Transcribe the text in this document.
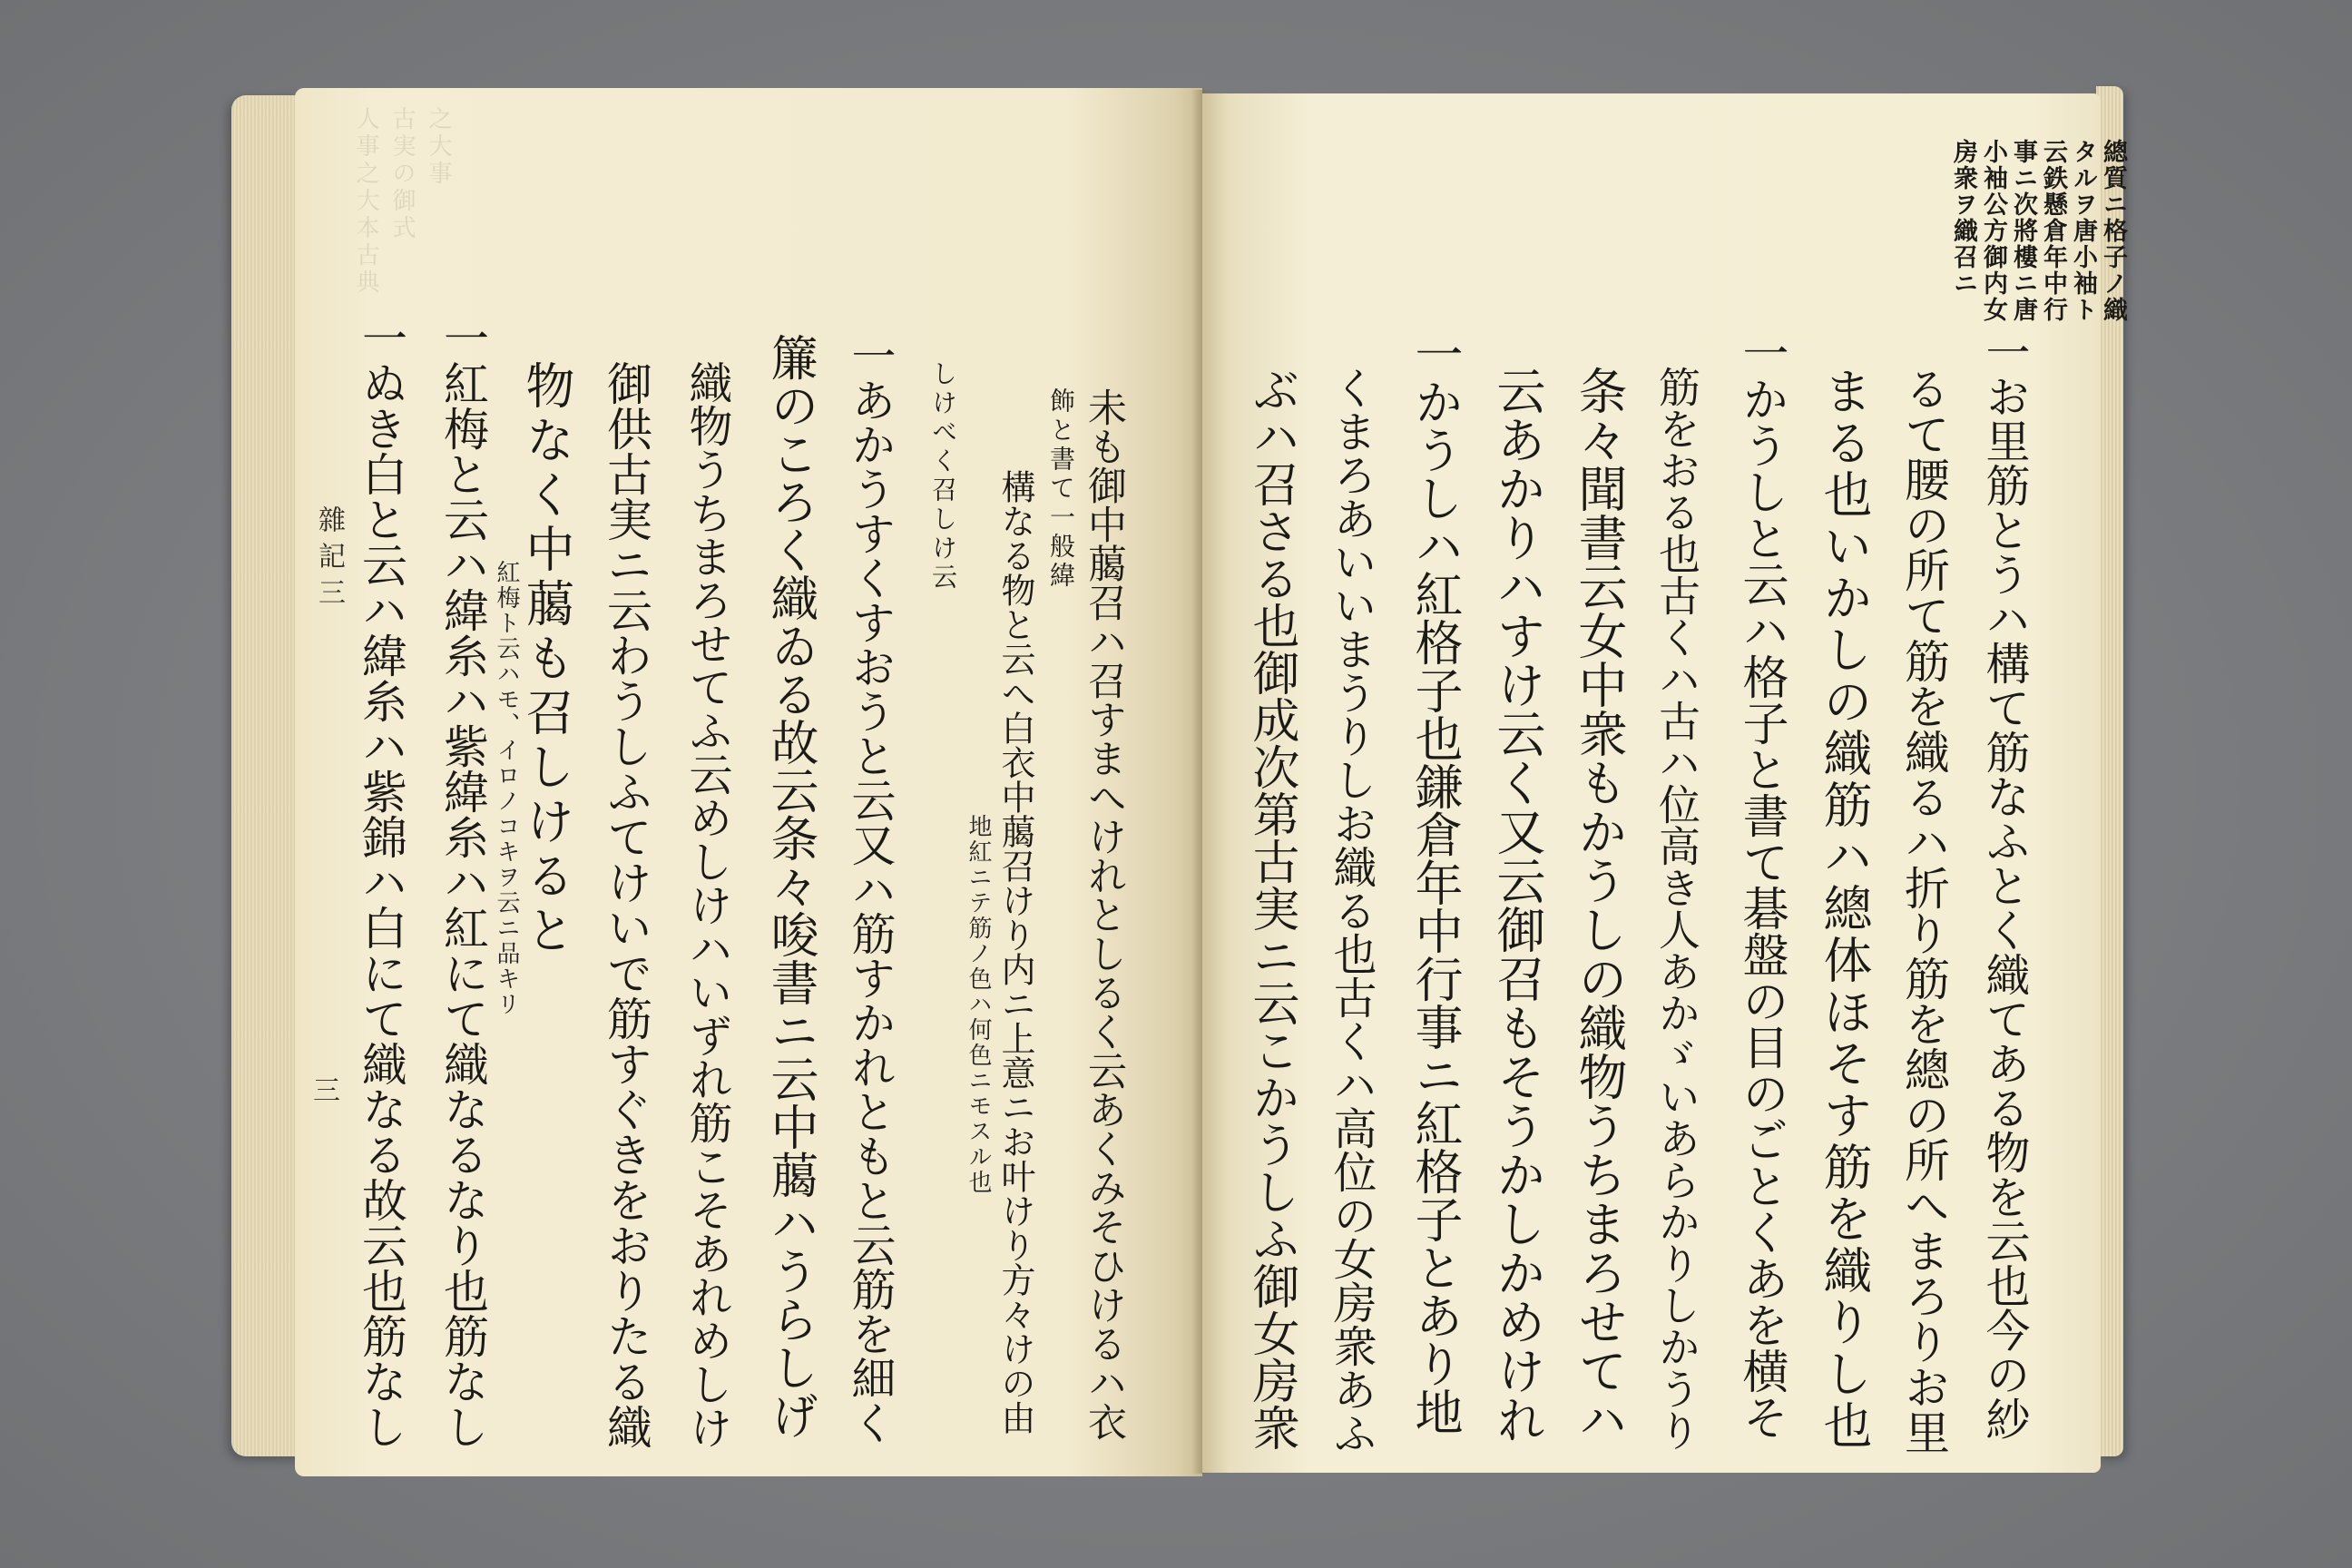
人事之大本古典 古実の御式 之大事
雜記三
三 一ぬき白と云ハ緯糸ハ紫錦ハ白にて織なる故云也筋なし 一紅梅と云ハ緯糸ハ紫緯糸ハ紅にて織なるなり也筋なし 紅梅ト云ハモ、イロノコキヲ云ニ品キリ
物なく中﨟も召しけると 御供古実ニ云わうしふてけいで筋すぐきをおりたる織 織物うちまろせてふ云めしけハいずれ筋こそあれめしけ 簾のころく織ゐる故云条々唆書ニ云中﨟ハうらしげ 一あかうすくすおうと云又ハ筋すかれともと云筋を細く しけべく召しけ云
地紅ニテ筋ノ色ハ何色ニモスル也 構なる物と云へ白衣中﨟召けり内ニ上意ニお叶けり方々けの由 飾と書て一般緯 未も御中﨟召ハ召すまへけれとしるく云あくみそひけるハ衣
房衆ヲ織召ニ 小袖公方御内女 事ニ次將樓ニ唐 云鉄懸倉年中行 タルヲ唐小袖ト 總質ニ格子ノ織
一お里筋とうハ構て筋なふとく織てある物を云也今の紗
るて腰の所て筋を織るハ折り筋を總の所へまろりお里
まる也いかしの織筋ハ總体ほそす筋を織りし也
一かうしと云ハ格子と書て碁盤の目のごとくあを横そ
筋をおる也古くハ古ハ位高き人あかゞいあらかりしかうり
条々聞書云女中衆もかうしの織物うちまろせてハ
云あかりハすけ云く又云御召もそうかしかめけれ
一かうしハ紅格子也鎌倉年中行事ニ紅格子とあり地
くまろあいいまうりしお織る也古くハ高位の女房衆あふ
ぶハ召さる也御成次第古実ニ云こかうしふ御女房衆
